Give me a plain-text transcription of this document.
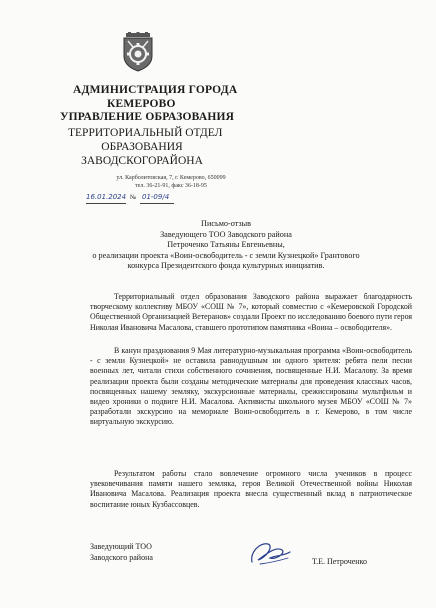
АДМИНИСТРАЦИЯ ГОРОДА
КЕМЕРОВО
УПРАВЛЕНИЕ ОБРАЗОВАНИЯ
ТЕРРИТОРИАЛЬНЫЙ ОТДЕЛ
ОБРАЗОВАНИЯ
ЗАВОДСКОГОРАЙОНА
ул. Карболитовская, 7, г. Кемерово, 650099
тел. 36-21-91, факс 36-18-95
16.01.2024 № 01-09/4
Письмо-отзыв
Заведующего ТОО Заводского района
Петроченко Татьяны Евгеньевны,
о реализации проекта «Воин-освободитель - с земли Кузнецкой» Грантового
конкурса Президентского фонда культурных инициатив.
Территориальный отдел образования Заводского района выражает благодарность творческому коллективу МБОУ «СОШ № 7», который совместно с «Кемеровской Городской Общественной Организацией Ветеранов» создали Проект по исследованию боевого пути героя Николая Ивановича Масалова, ставшего прототипом памятника «Воина – освободителя».
В канун празднования 9 Мая литературно-музыкальная программа «Воин-освободитель - с земли Кузнецкой» не оставила равнодушным ни одного зрителя: ребята пели песни военных лет, читали стихи собственного сочинения, посвященные Н.И. Масалову. За время реализации проекта были созданы методические материалы для проведения классных часов, посвященных нашему земляку, экскурсионные материалы, срежиссированы мультфильм и видео хроники о подвиге Н.И. Масалова. Активисты школьного музея МБОУ «СОШ № 7» разработали экскурсию на мемориале Воин-освободитель в г. Кемерово, в том числе виртуальную экскурсию.
Результатом работы стало вовлечение огромного числа учеников в процесс увековечивания памяти нашего земляка, героя Великой Отечественной войны Николая Ивановича Масалова. Реализация проекта внесла существенный вклад в патриотическое воспитание юных Кузбассовцев.
Заведующий ТОО
Заводского района	Т.Е. Петроченко
